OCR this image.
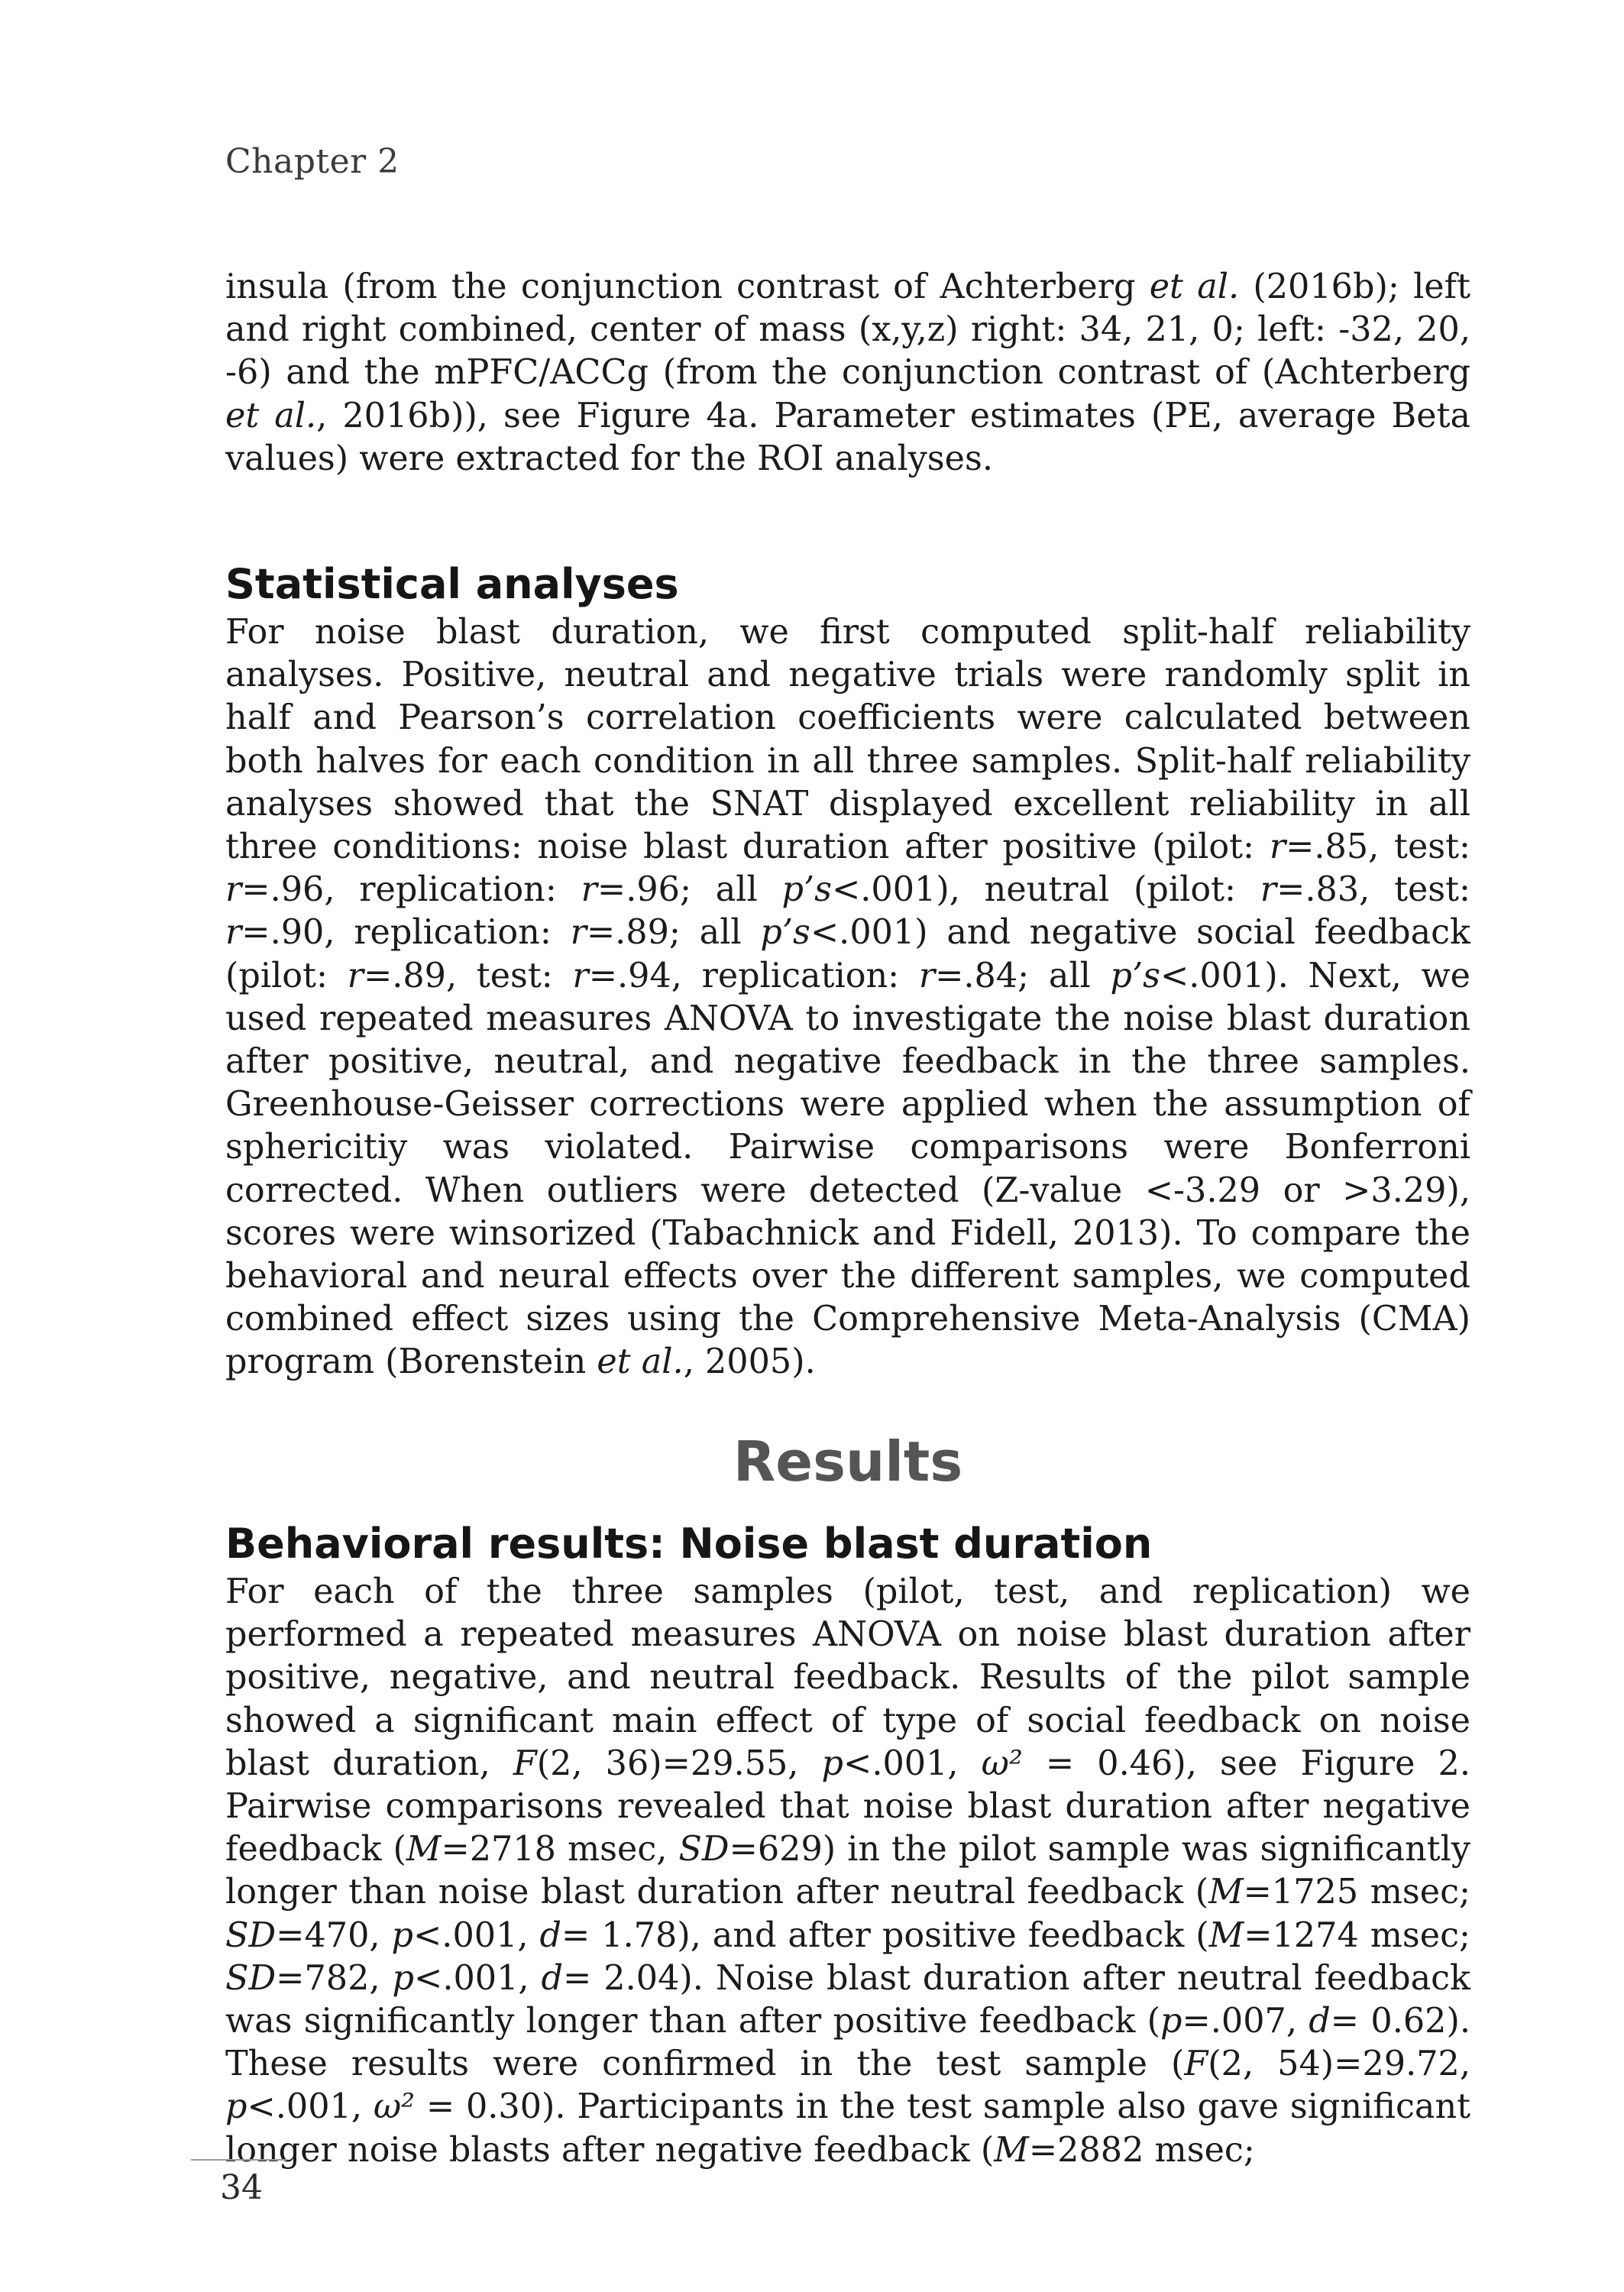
Chapter 2

insula (from the conjunction contrast of Achterberg et al. (2016b); left and right combined, center of mass (x,y,z) right: 34, 21, 0; left: -32, 20, -6) and the mPFC/ACCg (from the conjunction contrast of (Achterberg et al., 2016b)), see Figure 4a. Parameter estimates (PE, average Beta values) were extracted for the ROI analyses.

Statistical analyses

For noise blast duration, we first computed split-half reliability analyses. Positive, neutral and negative trials were randomly split in half and Pearson’s correlation coefficients were calculated between both halves for each condition in all three samples. Split-half reliability analyses showed that the SNAT displayed excellent reliability in all three conditions: noise blast duration after positive (pilot: r=.85, test: r=.96, replication: r=.96; all p’s<.001), neutral (pilot: r=.83, test: r=.90, replication: r=.89; all p’s<.001) and negative social feedback (pilot: r=.89, test: r=.94, replication: r=.84; all p’s<.001). Next, we used repeated measures ANOVA to investigate the noise blast duration after positive, neutral, and negative feedback in the three samples. Greenhouse-Geisser corrections were applied when the assumption of sphericitiy was violated. Pairwise comparisons were Bonferroni corrected. When outliers were detected (Z-value <-3.29 or >3.29), scores were winsorized (Tabachnick and Fidell, 2013). To compare the behavioral and neural effects over the different samples, we computed combined effect sizes using the Comprehensive Meta-Analysis (CMA) program (Borenstein et al., 2005).

Results
Behavioral results: Noise blast duration

For each of the three samples (pilot, test, and replication) we performed a repeated measures ANOVA on noise blast duration after positive, negative, and neutral feedback. Results of the pilot sample showed a significant main effect of type of social feedback on noise blast duration, F(2, 36)=29.55, p<.001, ω² = 0.46), see Figure 2. Pairwise comparisons revealed that noise blast duration after negative feedback (M=2718 msec, SD=629) in the pilot sample was significantly longer than noise blast duration after neutral feedback (M=1725 msec; SD=470, p<.001, d= 1.78), and after positive feedback (M=1274 msec; SD=782, p<.001, d= 2.04). Noise blast duration after neutral feedback was significantly longer than after positive feedback (p=.007, d= 0.62). These results were confirmed in the test sample (F(2, 54)=29.72, p<.001, ω² = 0.30). Participants in the test sample also gave significant longer noise blasts after negative feedback (M=2882 msec;

34
